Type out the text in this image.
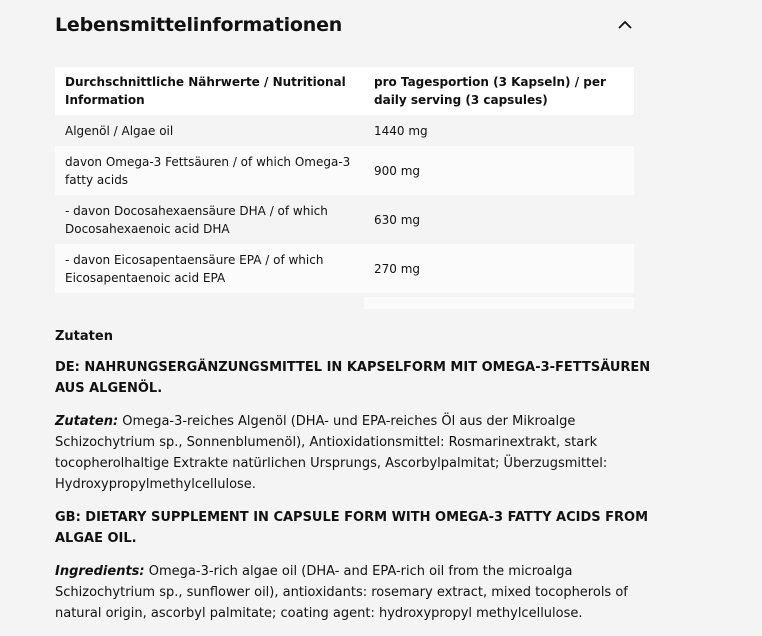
Lebensmittelinformationen
Durchschnittliche Nährwerte / Nutritional Information	pro Tagesportion (3 Kapseln) / per daily serving (3 capsules)
Algenöl / Algae oil	1440 mg
davon Omega-3 Fettsäuren / of which Omega-3 fatty acids	900 mg
- davon Docosahexaensäure DHA / of which Docosahexaenoic acid DHA	630 mg
- davon Eicosapentaensäure EPA / of which Eicosapentaenoic acid EPA	270 mg

Zutaten

DE: NAHRUNGSERGÄNZUNGSMITTEL IN KAPSELFORM MIT OMEGA-3-FETTSÄUREN AUS ALGENÖL.

Zutaten: Omega-3-reiches Algenöl (DHA- und EPA-reiches Öl aus der Mikroalge Schizochytrium sp., Sonnenblumenöl), Antioxidationsmittel: Rosmarinextrakt, stark tocopherolhaltige Extrakte natürlichen Ursprungs, Ascorbylpalmitat; Überzugsmittel: Hydroxypropylmethylcellulose.

GB: DIETARY SUPPLEMENT IN CAPSULE FORM WITH OMEGA-3 FATTY ACIDS FROM ALGAE OIL.

Ingredients: Omega-3-rich algae oil (DHA- and EPA-rich oil from the microalga Schizochytrium sp., sunflower oil), antioxidants: rosemary extract, mixed tocopherols of natural origin, ascorbyl palmitate; coating agent: hydroxypropyl methylcellulose.
